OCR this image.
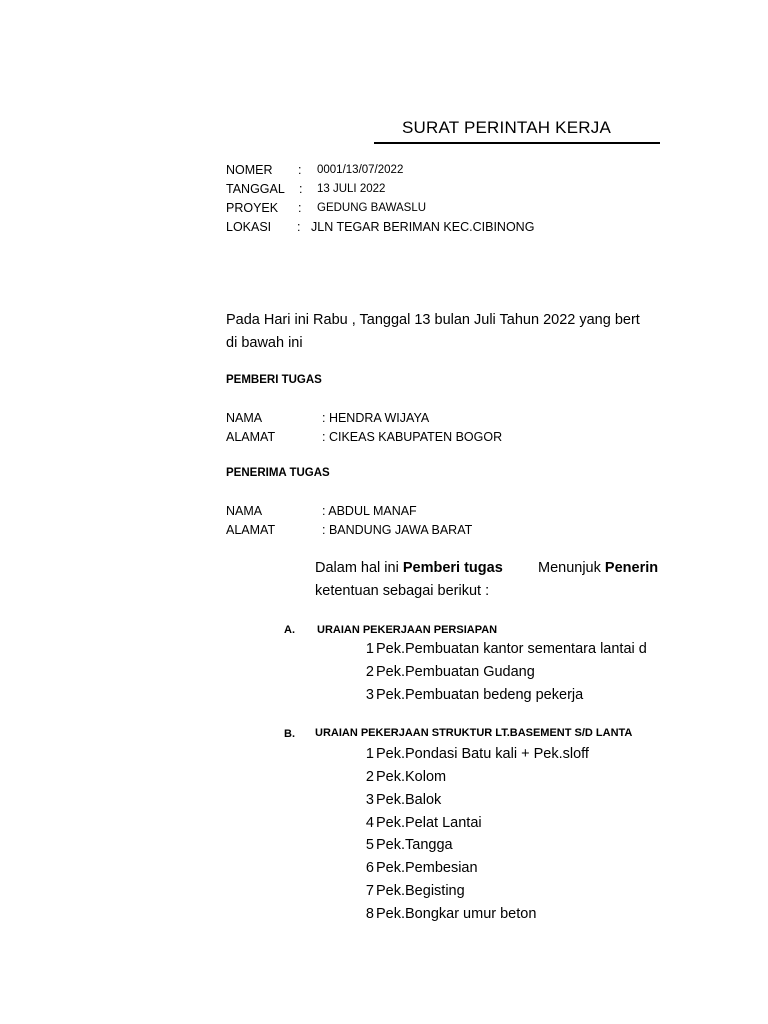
SURAT PERINTAH KERJA
NOMER : 0001/13/07/2022
TANGGAL : 13 JULI 2022
PROYEK : GEDUNG BAWASLU
LOKASI : JLN TEGAR BERIMAN KEC.CIBINONG
Pada Hari ini Rabu , Tanggal 13 bulan Juli Tahun 2022 yang bert
di bawah ini
PEMBERI TUGAS
NAMA	: HENDRA WIJAYA
ALAMAT	: CIKEAS KABUPATEN BOGOR
PENERIMA TUGAS
NAMA	: ABDUL MANAF
ALAMAT	: BANDUNG JAWA BARAT
Dalam hal ini Pemberi tugas Menunjuk Penerin
ketentuan sebagai berikut :
A. URAIAN PEKERJAAN PERSIAPAN
1 Pek.Pembuatan kantor sementara lantai d
2 Pek.Pembuatan Gudang
3 Pek.Pembuatan bedeng pekerja
B. URAIAN PEKERJAAN STRUKTUR LT.BASEMENT S/D LANTA
1 Pek.Pondasi Batu kali + Pek.sloff
2 Pek.Kolom
3 Pek.Balok
4 Pek.Pelat Lantai
5 Pek.Tangga
6 Pek.Pembesian
7 Pek.Begisting
8 Pek.Bongkar umur beton
